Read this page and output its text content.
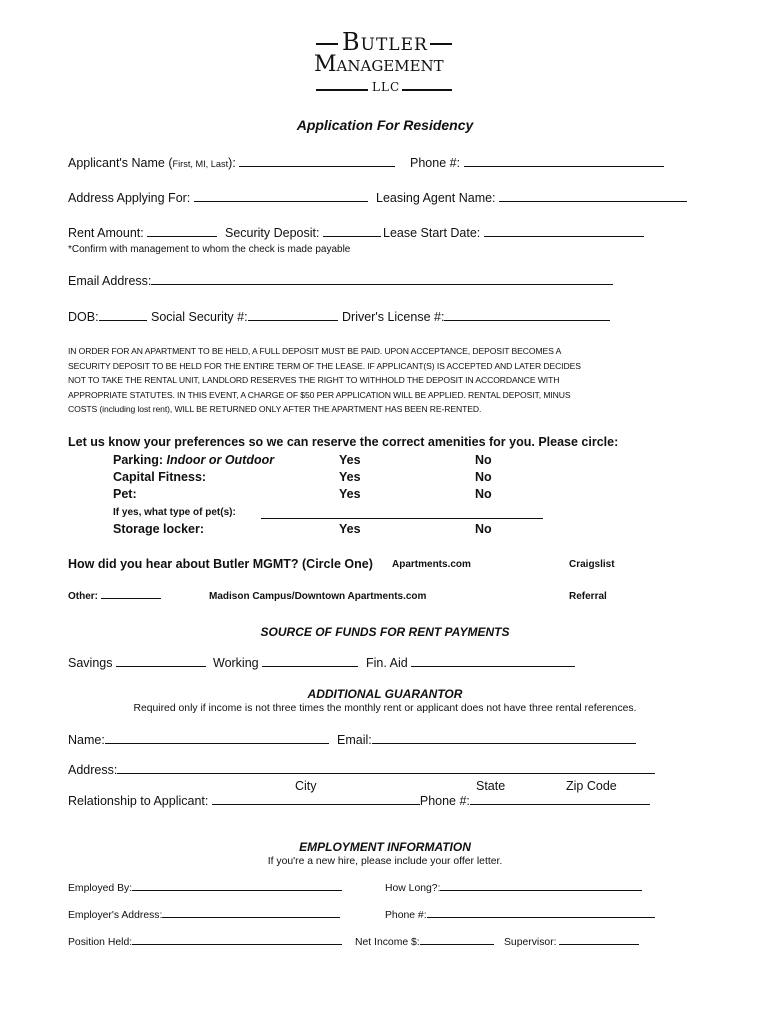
Butler
Management
LLC
Application For Residency
Applicant's Name (First, MI, Last):	Phone #:
Address Applying For:	Leasing Agent Name:
Rent Amount:	Security Deposit:	Lease Start Date:
*Confirm with management to whom the check is made payable
Email Address:
DOB:	Social Security #:	Driver's License #:
IN ORDER FOR AN APARTMENT TO BE HELD, A FULL DEPOSIT MUST BE PAID. UPON ACCEPTANCE, DEPOSIT BECOMES A
SECURITY DEPOSIT TO BE HELD FOR THE ENTIRE TERM OF THE LEASE. IF APPLICANT(S) IS ACCEPTED AND LATER DECIDES
NOT TO TAKE THE RENTAL UNIT, LANDLORD RESERVES THE RIGHT TO WITHHOLD THE DEPOSIT IN ACCORDANCE WITH
APPROPRIATE STATUTES. IN THIS EVENT, A CHARGE OF $50 PER APPLICATION WILL BE APPLIED. RENTAL DEPOSIT, MINUS
COSTS (including lost rent), WILL BE RETURNED ONLY AFTER THE APARTMENT HAS BEEN RE-RENTED.
Let us know your preferences so we can reserve the correct amenities for you. Please circle:
Parking: Indoor or Outdoor	Yes	No
Capital Fitness:	Yes	No
Pet:	Yes	No
If yes, what type of pet(s):
Storage locker:	Yes	No
How did you hear about Butler MGMT? (Circle One) Apartments.com	Craigslist
Other:	Madison Campus/Downtown Apartments.com	Referral
SOURCE OF FUNDS FOR RENT PAYMENTS
Savings	Working	Fin. Aid
ADDITIONAL GUARANTOR
Required only if income is not three times the monthly rent or applicant does not have three rental references.
Name:	Email:
Address:
City	State	Zip Code
Relationship to Applicant:	Phone #:
EMPLOYMENT INFORMATION
If you're a new hire, please include your offer letter.
Employed By:	How Long?:
Employer's Address:	Phone #:
Position Held:	Net Income $:	Supervisor:
